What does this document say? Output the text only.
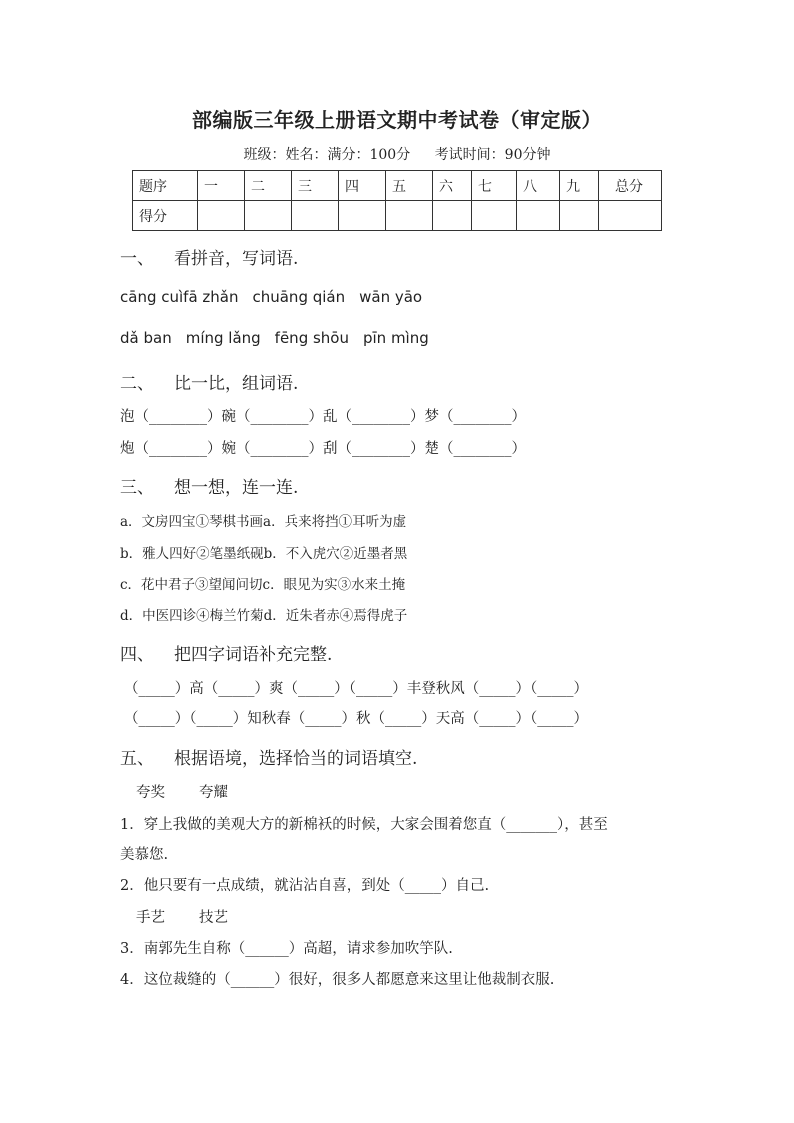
部编版三年级上册语文期中考试卷（审定版）
班级：姓名：满分：100分 考试时间：90分钟
题序	一	二	三	四	五	六	七	八	九	总分
得分										
一、 看拼音，写词语.
cāng cuìfā zhǎn chuāng qián wān yāo
dǎ ban míng lǎng fēng shōu pīn mìng
二、 比一比，组词语.
泡（________）碗（________）乱（________）梦（________）
炮（________）婉（________）刮（________）楚（________）
三、 想一想，连一连.
a．文房四宝①琴棋书画a．兵来将挡①耳听为虚
b．雅人四好②笔墨纸砚b．不入虎穴②近墨者黑
c．花中君子③望闻问切c．眼见为实③水来土掩
d．中医四诊④梅兰竹菊d．近朱者赤④焉得虎子
四、 把四字词语补充完整.
（_____）高（_____）爽（_____）（_____）丰登秋风（_____）（_____）
（_____）（_____）知秋春（_____）秋（_____）天高（_____）（_____）
五、 根据语境，选择恰当的词语填空.
夸奖 夸耀
1．穿上我做的美观大方的新棉袄的时候，大家会围着您直（_______），甚至
美慕您.
2．他只要有一点成绩，就沾沾自喜，到处（_____）自己.
手艺 技艺
3．南郭先生自称（______）高超，请求参加吹竽队.
4．这位裁缝的（______）很好，很多人都愿意来这里让他裁制衣服.
